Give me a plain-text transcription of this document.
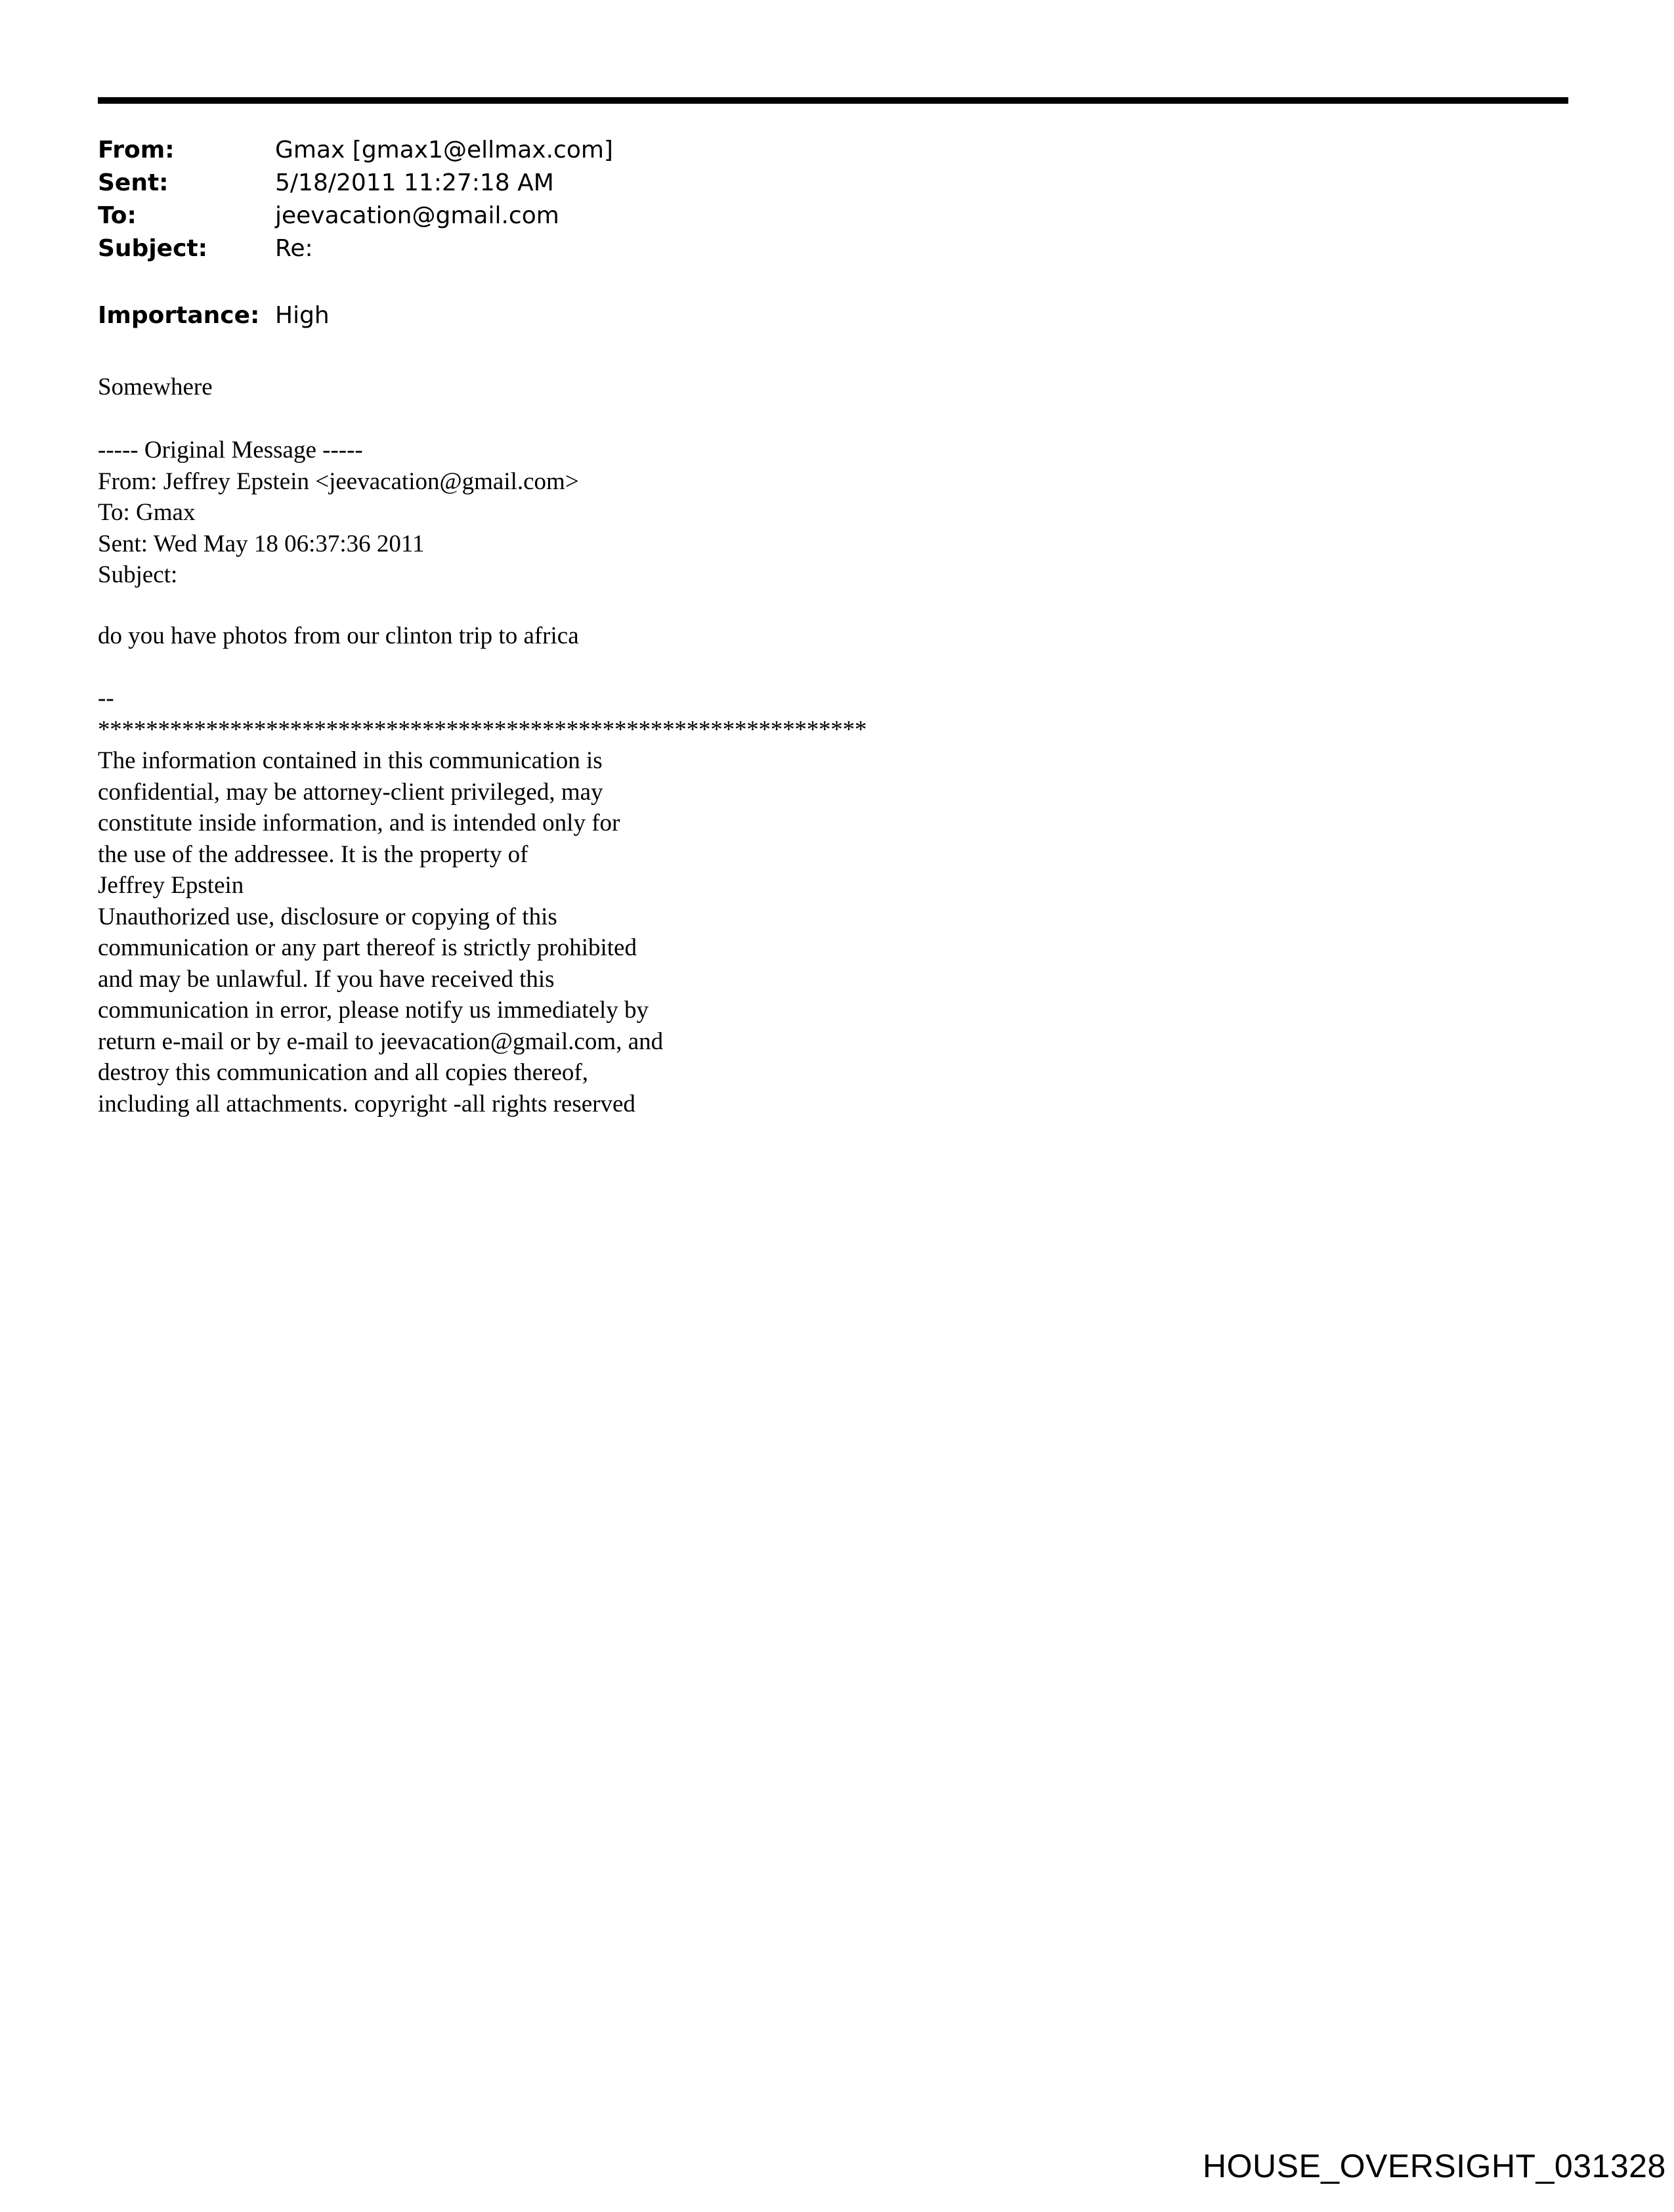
From:	Gmax [gmax1@ellmax.com]
Sent:	5/18/2011 11:27:18 AM
To:	jeevacation@gmail.com
Subject:	Re:
Importance: High
Somewhere
----- Original Message -----
From: Jeffrey Epstein <jeevacation@gmail.com>
To: Gmax
Sent: Wed May 18 06:37:36 2011
Subject:
do you have photos from our clinton trip to africa
--
****************************************************************
The information contained in this communication is
confidential, may be attorney-client privileged, may
constitute inside information, and is intended only for
the use of the addressee. It is the property of
Jeffrey Epstein
Unauthorized use, disclosure or copying of this
communication or any part thereof is strictly prohibited
and may be unlawful. If you have received this
communication in error, please notify us immediately by
return e-mail or by e-mail to jeevacation@gmail.com, and
destroy this communication and all copies thereof,
including all attachments. copyright -all rights reserved
HOUSE_OVERSIGHT_031328
